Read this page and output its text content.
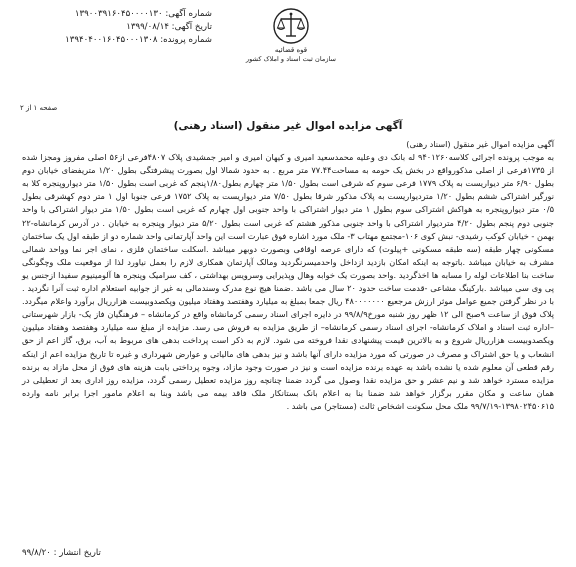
شماره آگهی: ۱۳۹۰۰۳۹۱۶۰۴۵۰۰۰۰۱۳۰
تاریخ آگهی: ۱۳۹۹/۰۸/۱۴
شماره پرونده: ۱۳۹۴۰۴۰۰۱۶۰۴۵۰۰۰۱۳۰۸
قوه قضائیه
سازمان ثبت اسناد و املاک کشور
صفحه ۱ از ۲
آگهی مزایده اموال غیر منقول (اسناد رهنی)

آگهی مزایده اموال غیر منقول (اسناد رهنی)

به موجب پرونده اجرائی کلاسه۹۴۰۱۲۶۰ له بانک دی وعلیه محمدسعید امیری و کیهان امیری و امیر جمشیدی پلاک ۴۸۰۷فرعی از۵۶ اصلی مفروز ومجزا شده از ۱۷۳۵فرعی از اصلی مذکورواقع در بخش یک حومه به مساحت۷۷.۴۴ متر مربع . به حدود شمالا اول بصورت پیشرفتگی بطول ۱/۲۰ متریفضای خیابان دوم بطول ۶/۹۰ متر دیواریست به پلاک ۱۷۷۹ فرعی سوم که شرقی است بطول ۱/۵۰ متر چهارم بطول۱/۸۰پنجم که غربی است بطول ۱/۵۰ متر دیواروپنجره کلا به نورگیر اشتراکی ششم بطول ۱/۲۰ متردیواریست به پلاک مذکور شرقا بطول ۷/۵۰ متر دیواریست به پلاک ۱۷۵۲ فرعی جنوبا اول ۱ متر دوم کهشرقی بطول ۰/۵ متر دیواروپنجره به هواکش اشتراکی سوم بطول ۱ متر دیوار اشتراکی با واحد جنوبی اول چهارم که غربی است بطول ۱/۵۰ متر دیوار اشتراکی با واحد جنوبی دوم پنجم بطول ۴/۲۰ متردیوار اشتراکی با واحد جنوبی مذکور هشتم که غربی است بطول ۵/۲۰ متر دیوار وپنجره به خیابان . در آدرس کرمانشاه-۲۲ بهمن - خیابان کوکب رشیدی- نبش کوی ۱۰۶-مجتمع مهتاب ۳- ملک مورد اشاره فوق عبارت است این واحد آپارتمانی واحد شماره دو از طبقه اول یک ساختمان مسکونی چهار طبقه (سه طبقه مسکونی +پیلوت) که دارای عرصه اوقافی وبصورت دوبهر میباشد .اسکلت ساختمان فلزی ، نمای اجر نما وواحد شمالی مشرف به خیابان میباشد .باتوجه به اینکه امکان بازدید ازداخل واحدمیسرنگردید ومالک آپارتمان همکاری لازم را بعمل نیاورد لذا از موقعیت ملک وچگونگی ساخت بنا اطلاعات لوله را مسابه ها اخذگردید .واحد بصورت یک خوابه وهال وپذیرایی وسرویس بهداشتی ، کف سرامیک وپنجره ها آلومینیوم سفیدا ازجنس یو پی وی سی میباشد .بارکینگ مشاعی -قدمت ساخت حدود ۲۰ سال می باشد .ضمنا هیچ نوع مدرک وسندمالی به غیر از جوابیه استعلام اداره ثبت آنرا نگردید . با در نظر گرفتن جمیع عوامل موثر ارزش مرجعیع ۴۸۰۰۰۰۰۰۰ ریال جمعا بمبلغ به میلیارد وهفتصد وهفتاد میلیون وپکصدوبیست هزارریال برآورد واعلام میگردد. پلاک فوق از ساعت ۹صبح الی ۱۲ ظهر روز شنبه مورخ۹۹/۸/۹ در دایره اجرای اسناد رسمی کرمانشاه واقع در کرمانشاه – فرهنگیان فاز یک- بازار شهرستانی –اداره ثبت اسناد و املاک کرمانشاه- اجرای اسناد رسمی کرمانشاه– از طریق مزایده به فروش می رسد. مزایده از مبلغ سه میلیارد وهفتصد وهفتاد میلیون ویکصدوبیست هزارریال شروع و به بالاترین قیمت پیشنهادی نقدا فروخته می شود. لازم به ذکر است پرداخت بدهی های مربوط به آب، برق، گاز اعم از حق انشعاب و یا حق اشتراک و مصرف در صورتی که مورد مزایده دارای آنها باشد و نیز بدهی های مالیاتی و عوارض شهرداری و غیره تا تاریخ مزایده اعم از اینکه رقم قطعی آن معلوم شده یا نشده باشد به عهده برنده مزایده است و نیز در صورت وجود مازاد، وجوه پرداختی بابت هزینه های فوق از محل مازاد به برنده مزایده مسترد خواهد شد و نیم عشر و حق مزایده نقدا وصول می گردد ضمنا چنانچه روز مزایده تعطیل رسمی گردد، مزایده روز اداری بعد از تعطیلی در همان ساعت و مکان مقرر برگزار خواهد شد ضمنا بنا به اعلام بانک بستانکار ملک فاقد بیمه می باشد وبنا به اعلام مامور اجرا برابر نامه وارده ۱۳۹۸۰۲۴۵۰۶۱۵-۹۹/۷/۱۹ ملک محل سکونت اشخاص ثالث (مستاجر) می باشد .

تاریخ انتشار : ۹۹/۸/۲۰
